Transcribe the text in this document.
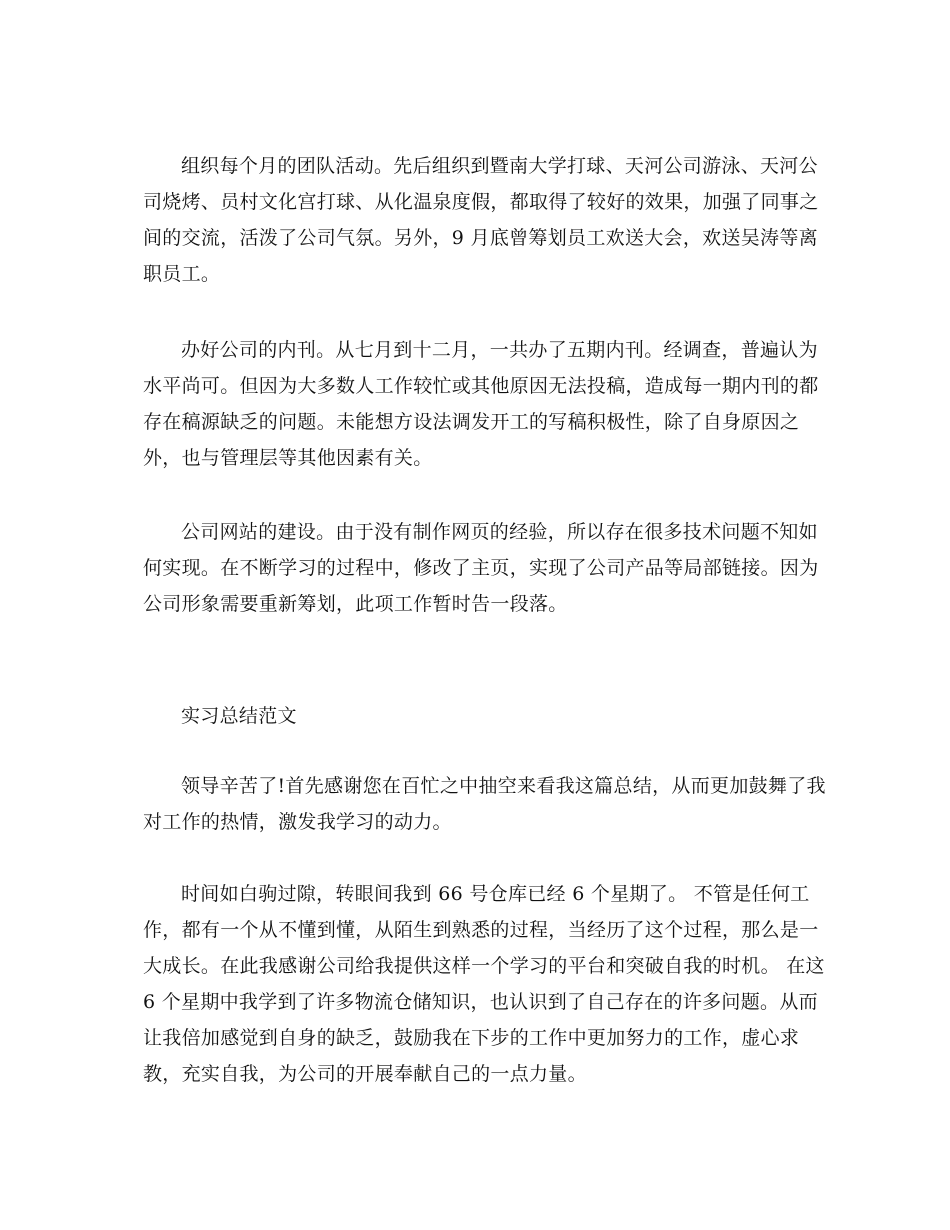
组织每个月的团队活动。先后组织到暨南大学打球、天河公司游泳、天河公
司烧烤、员村文化宫打球、从化温泉度假，都取得了较好的效果，加强了同事之
间的交流，活泼了公司气氛。另外，9 月底曾筹划员工欢送大会，欢送吴涛等离
职员工。
办好公司的内刊。从七月到十二月，一共办了五期内刊。经调查，普遍认为
水平尚可。但因为大多数人工作较忙或其他原因无法投稿，造成每一期内刊的都
存在稿源缺乏的问题。未能想方设法调发开工的写稿积极性，除了自身原因之
外，也与管理层等其他因素有关。
公司网站的建设。由于没有制作网页的经验，所以存在很多技术问题不知如
何实现。在不断学习的过程中，修改了主页，实现了公司产品等局部链接。因为
公司形象需要重新筹划，此项工作暂时告一段落。
实习总结范文
领导辛苦了!首先感谢您在百忙之中抽空来看我这篇总结，从而更加鼓舞了我
对工作的热情，激发我学习的动力。
时间如白驹过隙，转眼间我到 66 号仓库已经 6 个星期了。 不管是任何工
作，都有一个从不懂到懂，从陌生到熟悉的过程，当经历了这个过程，那么是一
大成长。在此我感谢公司给我提供这样一个学习的平台和突破自我的时机。 在这
6 个星期中我学到了许多物流仓储知识，也认识到了自己存在的许多问题。从而
让我倍加感觉到自身的缺乏，鼓励我在下步的工作中更加努力的工作，虚心求
教，充实自我，为公司的开展奉献自己的一点力量。
